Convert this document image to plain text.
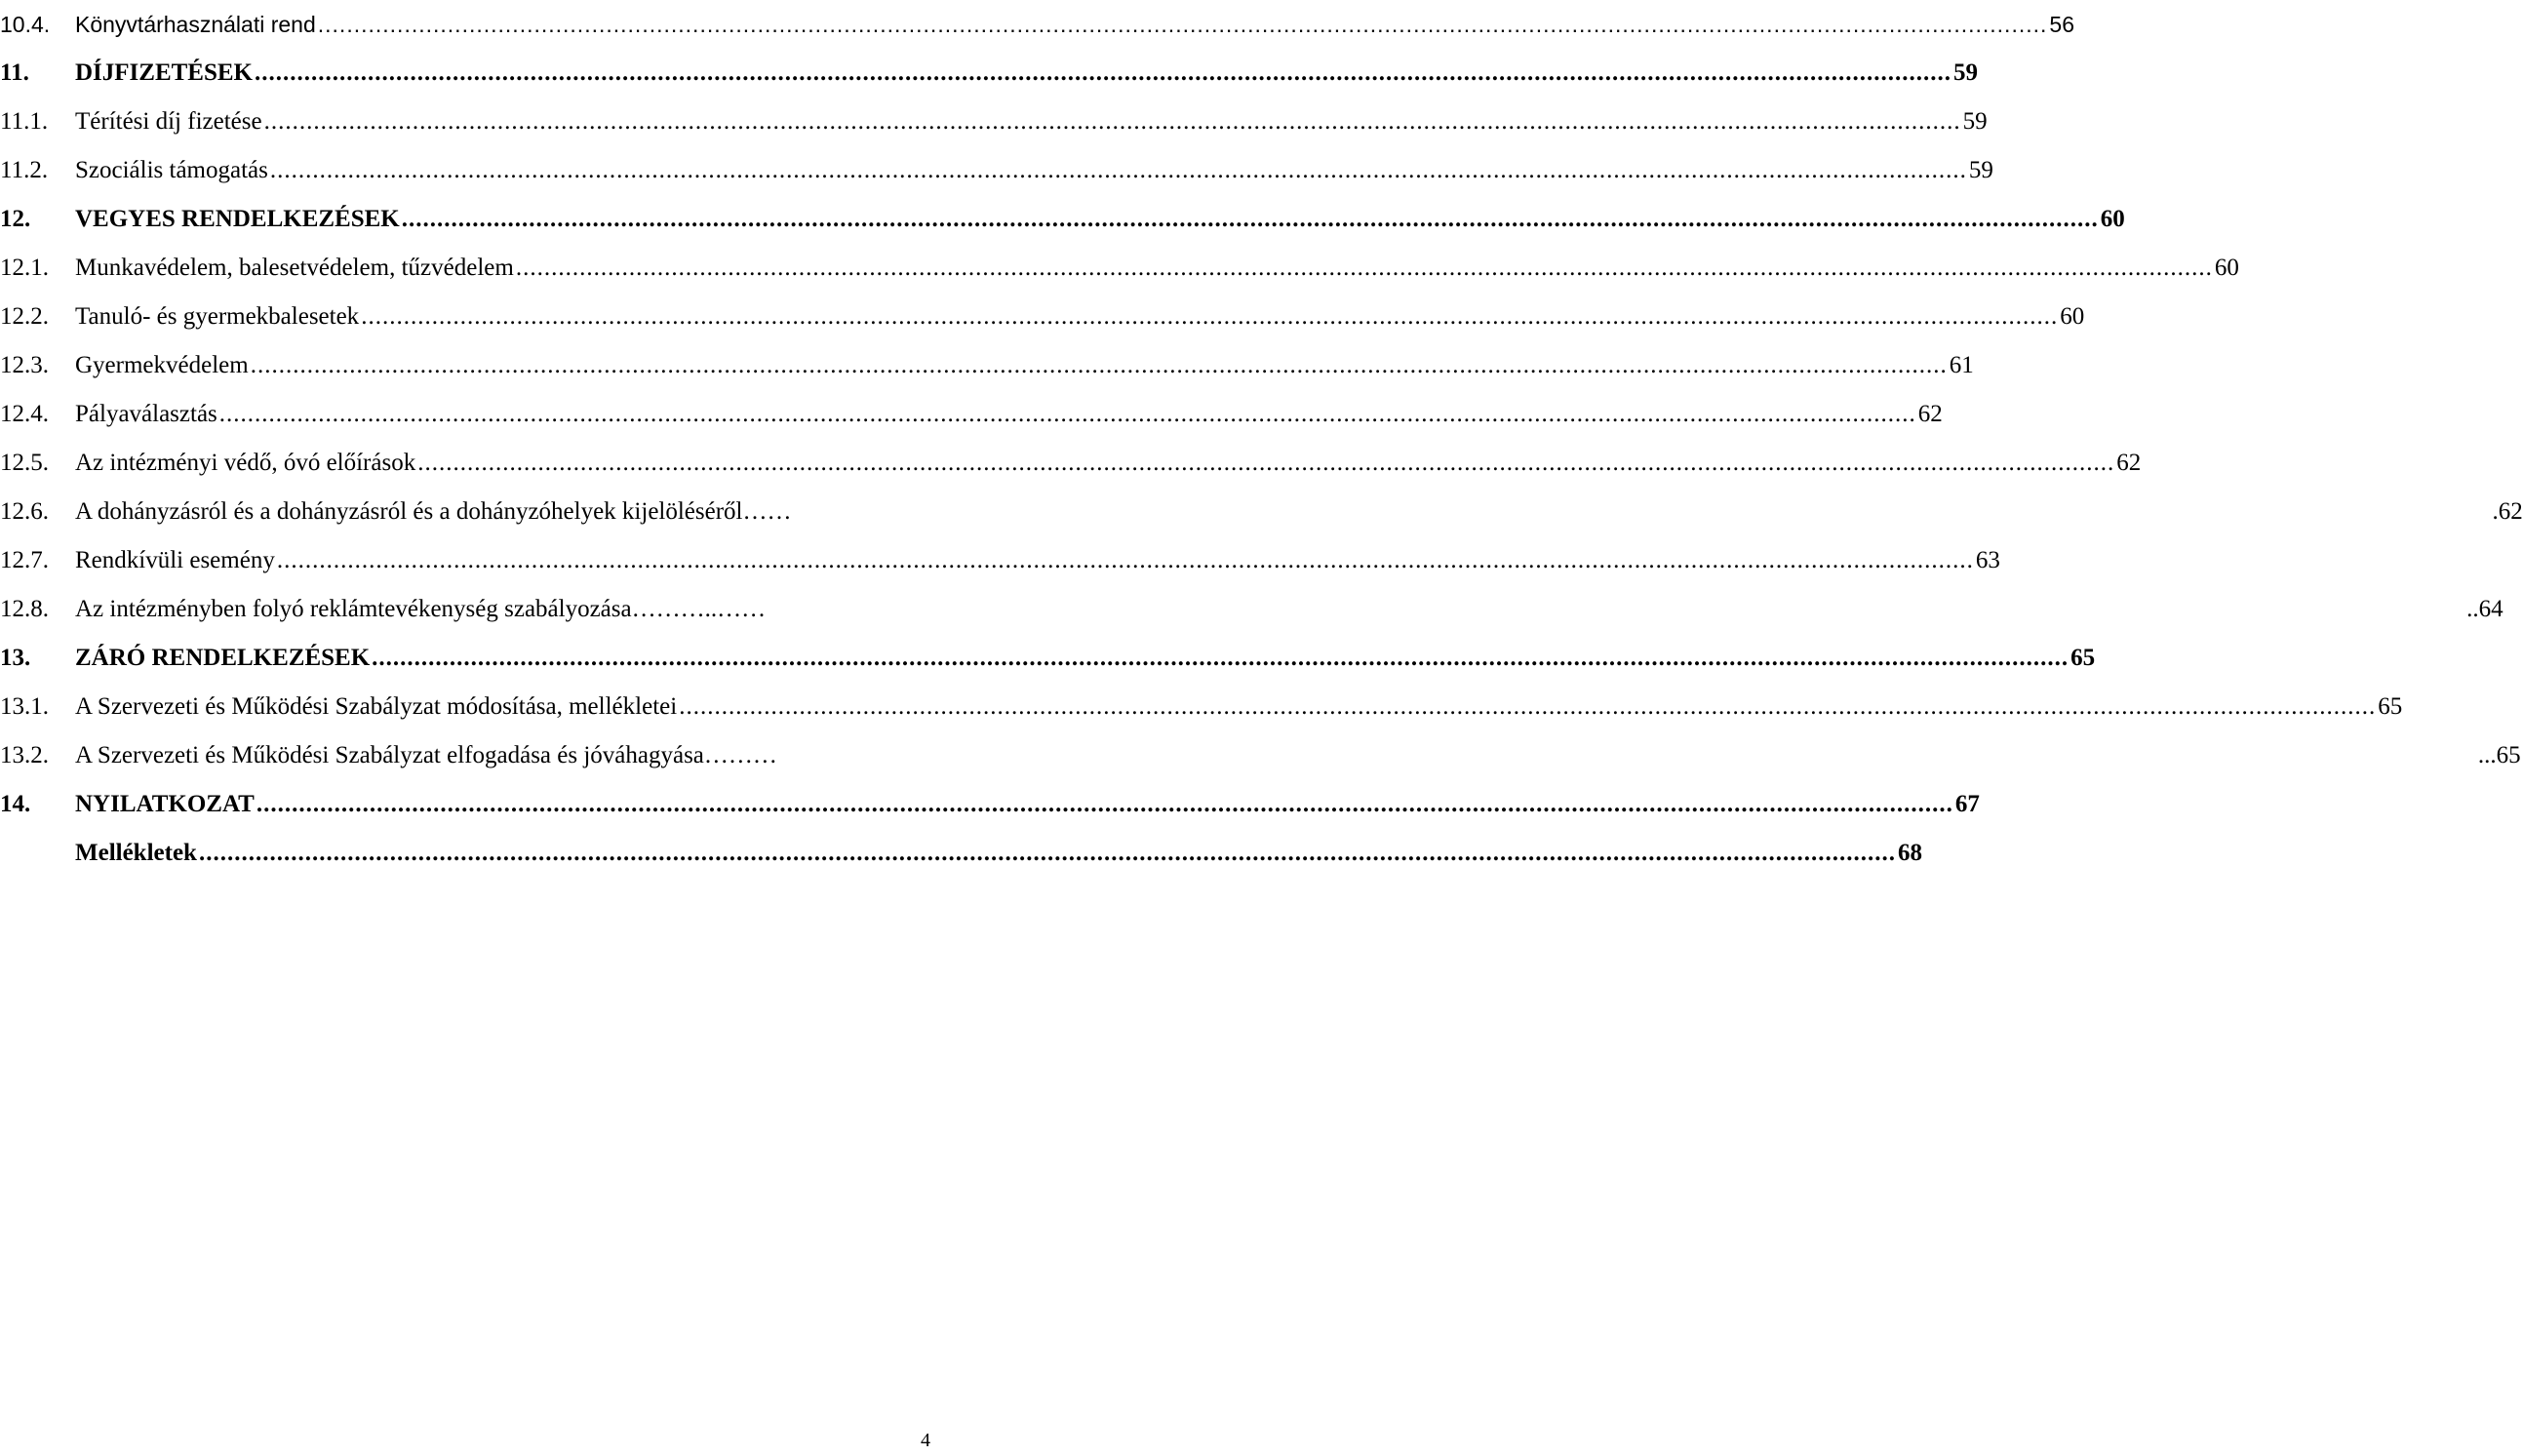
10.4.	Könyvtárhasználati rend .....	56
11.	DÍJFIZETÉSEK .....	59
11.1.	Térítési díj fizetése .....	59
11.2.	Szociális támogatás .....	59
12.	VEGYES RENDELKEZÉSEK .....	60
12.1.	Munkavédelem, balesetvédelem, tűzvédelem .....	60
12.2.	Tanuló- és gyermekbalesetek .....	60
12.3.	Gyermekvédelem .....	61
12.4.	Pályaválasztás .....	62
12.5.	Az intézményi védő, óvó előírások .....	62
12.6.	A dohányzásról és a dohányzásról és a dohányzóhelyek kijelöléséről……	.62
12.7.	Rendkívüli esemény .....	63
12.8.	Az intézményben folyó reklámtevékenység szabályozása………..……	..64
13.	ZÁRÓ RENDELKEZÉSEK .....	65
13.1.	A Szervezeti és Működési Szabályzat módosítása, mellékletei .....	65
13.2.	A Szervezeti és Működési Szabályzat elfogadása és jóváhagyása………	...65
14.	NYILATKOZAT .....	67
Mellékletek .....	68
4
